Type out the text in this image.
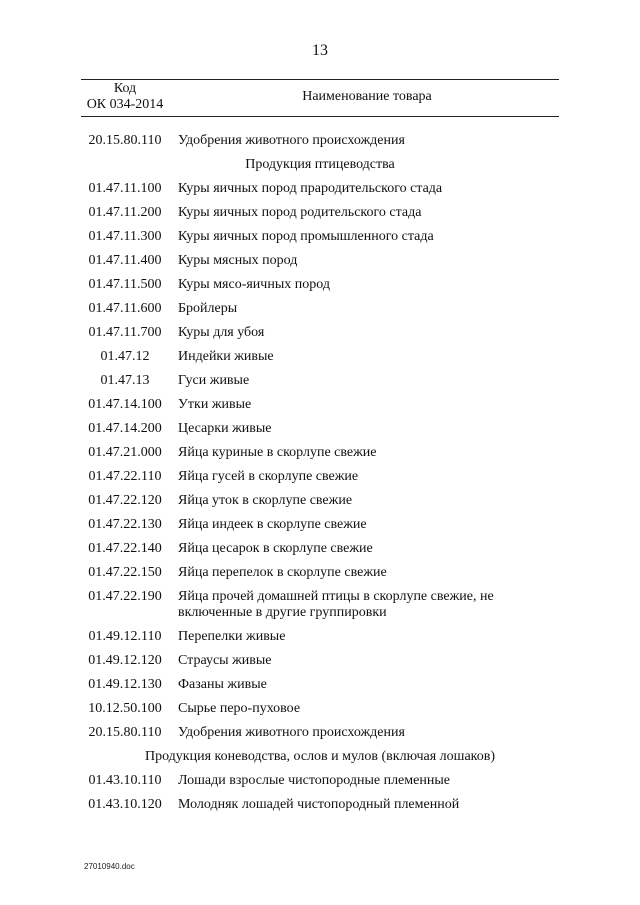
13
Код
ОК 034-2014
Наименование товара
20.15.80.110	Удобрения животного происхождения
Продукция птицеводства
01.47.11.100	Куры яичных пород прародительского стада
01.47.11.200	Куры яичных пород родительского стада
01.47.11.300	Куры яичных пород промышленного стада
01.47.11.400	Куры мясных пород
01.47.11.500	Куры мясо-яичных пород
01.47.11.600	Бройлеры
01.47.11.700	Куры для убоя
01.47.12	Индейки живые
01.47.13	Гуси живые
01.47.14.100	Утки живые
01.47.14.200	Цесарки живые
01.47.21.000	Яйца куриные в скорлупе свежие
01.47.22.110	Яйца гусей в скорлупе свежие
01.47.22.120	Яйца уток в скорлупе свежие
01.47.22.130	Яйца индеек в скорлупе свежие
01.47.22.140	Яйца цесарок в скорлупе свежие
01.47.22.150	Яйца перепелок в скорлупе свежие
01.47.22.190	Яйца прочей домашней птицы в скорлупе свежие, не включенные в другие группировки
01.49.12.110	Перепелки живые
01.49.12.120	Страусы живые
01.49.12.130	Фазаны живые
10.12.50.100	Сырье перо-пуховое
20.15.80.110	Удобрения животного происхождения
Продукция коневодства, ослов и мулов (включая лошаков)
01.43.10.110	Лошади взрослые чистопородные племенные
01.43.10.120	Молодняк лошадей чистопородный племенной
27010940.doc
